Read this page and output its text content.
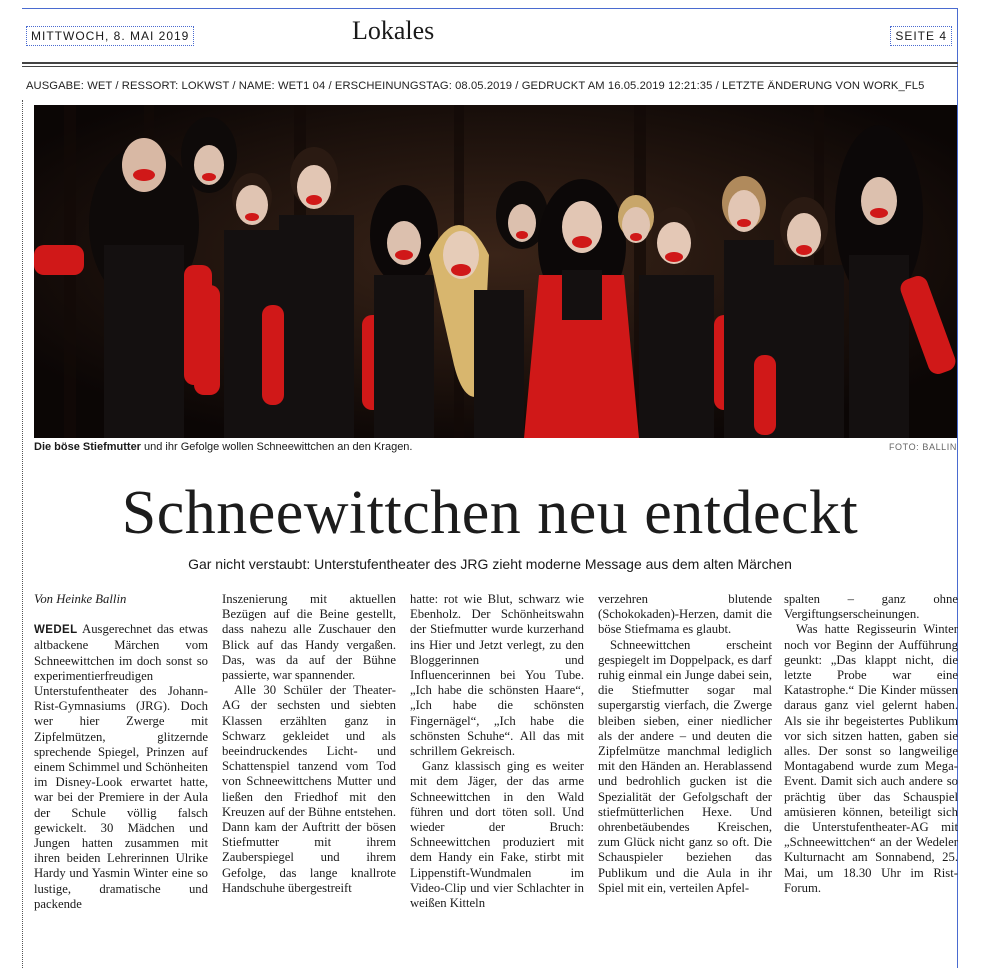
MITTWOCH, 8. MAI 2019	Lokales	SEITE 4
AUSGABE: WET / RESSORT: LOKWST / NAME: WET1 04 / ERSCHEINUNGSTAG: 08.05.2019 / GEDRUCKT AM 16.05.2019 12:21:35 / LETZTE ÄNDERUNG VON WORK_FL5
Die böse Stiefmutter und ihr Gefolge wollen Schneewittchen an den Kragen.	FOTO: BALLIN
Schneewittchen neu entdeckt
Gar nicht verstaubt: Unterstufentheater des JRG zieht moderne Message aus dem alten Märchen
Von Heinke Ballin

WEDEL Ausgerechnet das etwas altbackene Märchen vom Schneewittchen im doch sonst so experimentierfreudigen Unterstufentheater des Johann-Rist-Gymnasiums (JRG). Doch wer hier Zwerge mit Zipfelmützen, glitzernde sprechende Spiegel, Prinzen auf einem Schimmel und Schönheiten im Disney-Look erwartet hatte, war bei der Premiere in der Aula der Schule völlig falsch gewickelt. 30 Mädchen und Jungen hatten zusammen mit ihren beiden Lehrerinnen Ulrike Hardy und Yasmin Winter eine so lustige, dramatische und packende

Inszenierung mit aktuellen Bezügen auf die Beine gestellt, dass nahezu alle Zuschauer den Blick auf das Handy vergaßen. Das, was da auf der Bühne passierte, war spannender.

Alle 30 Schüler der Theater-AG der sechsten und siebten Klassen erzählten ganz in Schwarz gekleidet und als beeindruckendes Licht- und Schattenspiel tanzend vom Tod von Schneewittchens Mutter und ließen den Friedhof mit den Kreuzen auf der Bühne entstehen. Dann kam der Auftritt der bösen Stiefmutter mit ihrem Zauberspiegel und ihrem Gefolge, das lange knallrote Handschuhe übergestreift

hatte: rot wie Blut, schwarz wie Ebenholz. Der Schönheitswahn der Stiefmutter wurde kurzerhand ins Hier und Jetzt verlegt, zu den Bloggerinnen und Influencerinnen bei You Tube. „Ich habe die schönsten Haare“, „Ich habe die schönsten Fingernägel“, „Ich habe die schönsten Schuhe“. All das mit schrillem Gekreisch.

Ganz klassisch ging es weiter mit dem Jäger, der das arme Schneewittchen in den Wald führen und dort töten soll. Und wieder der Bruch: Schneewittchen produziert mit dem Handy ein Fake, stirbt mit Lippenstift-Wundmalen im Video-Clip und vier Schlachter in weißen Kitteln

verzehren blutende (Schokokaden)-Herzen, damit die böse Stiefmama es glaubt.

Schneewittchen erscheint gespiegelt im Doppelpack, es darf ruhig einmal ein Junge dabei sein, die Stiefmutter sogar mal supergarstig vierfach, die Zwerge bleiben sieben, einer niedlicher als der andere – und deuten die Zipfelmütze manchmal lediglich mit den Händen an. Herablassend und bedrohlich gucken ist die Spezialität der Gefolgschaft der stiefmütterlichen Hexe. Und ohrenbetäubendes Kreischen, zum Glück nicht ganz so oft. Die Schauspieler beziehen das Publikum und die Aula in ihr Spiel mit ein, verteilen Apfel-

spalten – ganz ohne Vergiftungserscheinungen.

Was hatte Regisseurin Winter noch vor Beginn der Aufführung geunkt: „Das klappt nicht, die letzte Probe war eine Katastrophe.“ Die Kinder müssen daraus ganz viel gelernt haben. Als sie ihr begeistertes Publikum vor sich sitzen hatten, gaben sie alles. Der sonst so langweilige Montagabend wurde zum Mega-Event. Damit sich auch andere so prächtig über das Schauspiel amüsieren können, beteiligt sich die Unterstufentheater-AG mit „Schneewittchen“ an der Wedeler Kulturnacht am Sonnabend, 25. Mai, um 18.30 Uhr im Rist-Forum.
